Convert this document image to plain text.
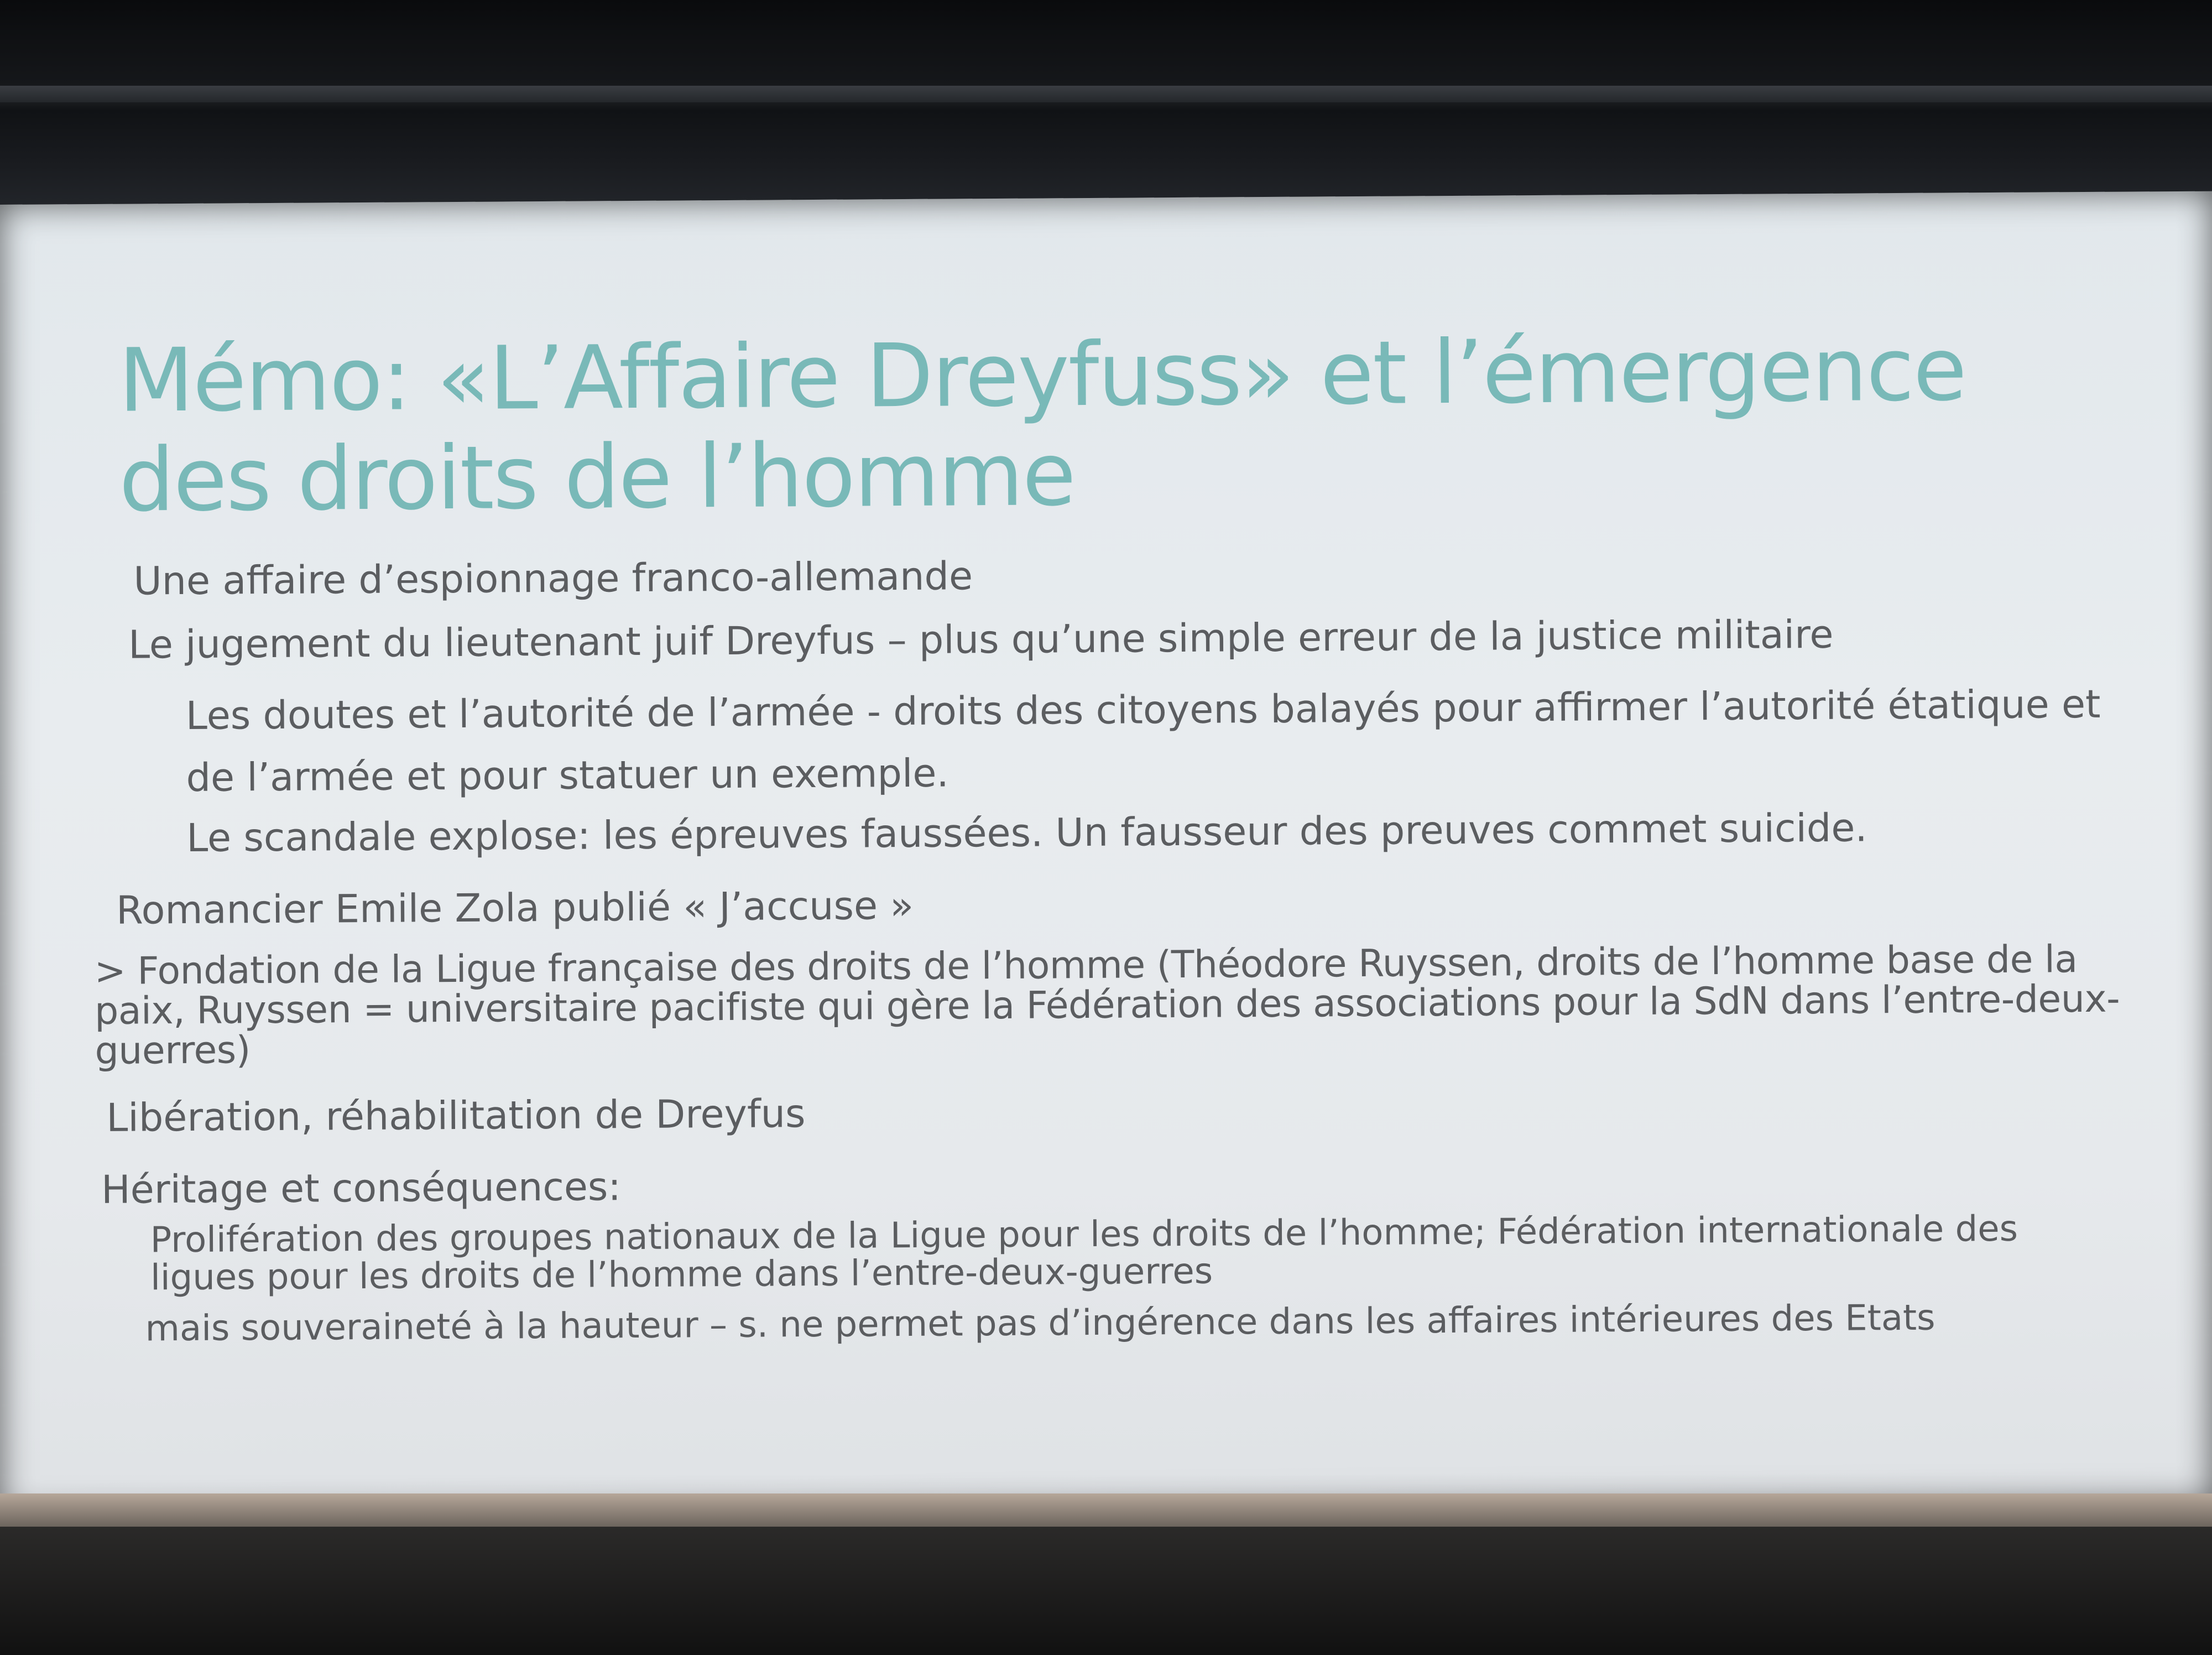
Mémo: «L’Affaire Dreyfuss» et l’émergence des droits de l’homme
Une affaire d’espionnage franco-allemande
Le jugement du lieutenant juif Dreyfus – plus qu’une simple erreur de la justice militaire
Les doutes et l’autorité de l’armée - droits des citoyens balayés pour affirmer l’autorité étatique et de l’armée et pour statuer un exemple.
Le scandale explose: les épreuves faussées. Un fausseur des preuves commet suicide.
Romancier Emile Zola publié « J’accuse »
> Fondation de la Ligue française des droits de l’homme (Théodore Ruyssen, droits de l’homme base de la paix, Ruyssen = universitaire pacifiste qui gère la Fédération des associations pour la SdN dans l’entre-deux- guerres)
Libération, réhabilitation de Dreyfus
Héritage et conséquences:
Prolifération des groupes nationaux de la Ligue pour les droits de l’homme; Fédération internationale des ligues pour les droits de l’homme dans l’entre-deux-guerres
mais souveraineté à la hauteur – s. ne permet pas d’ingérence dans les affaires intérieures des Etats
